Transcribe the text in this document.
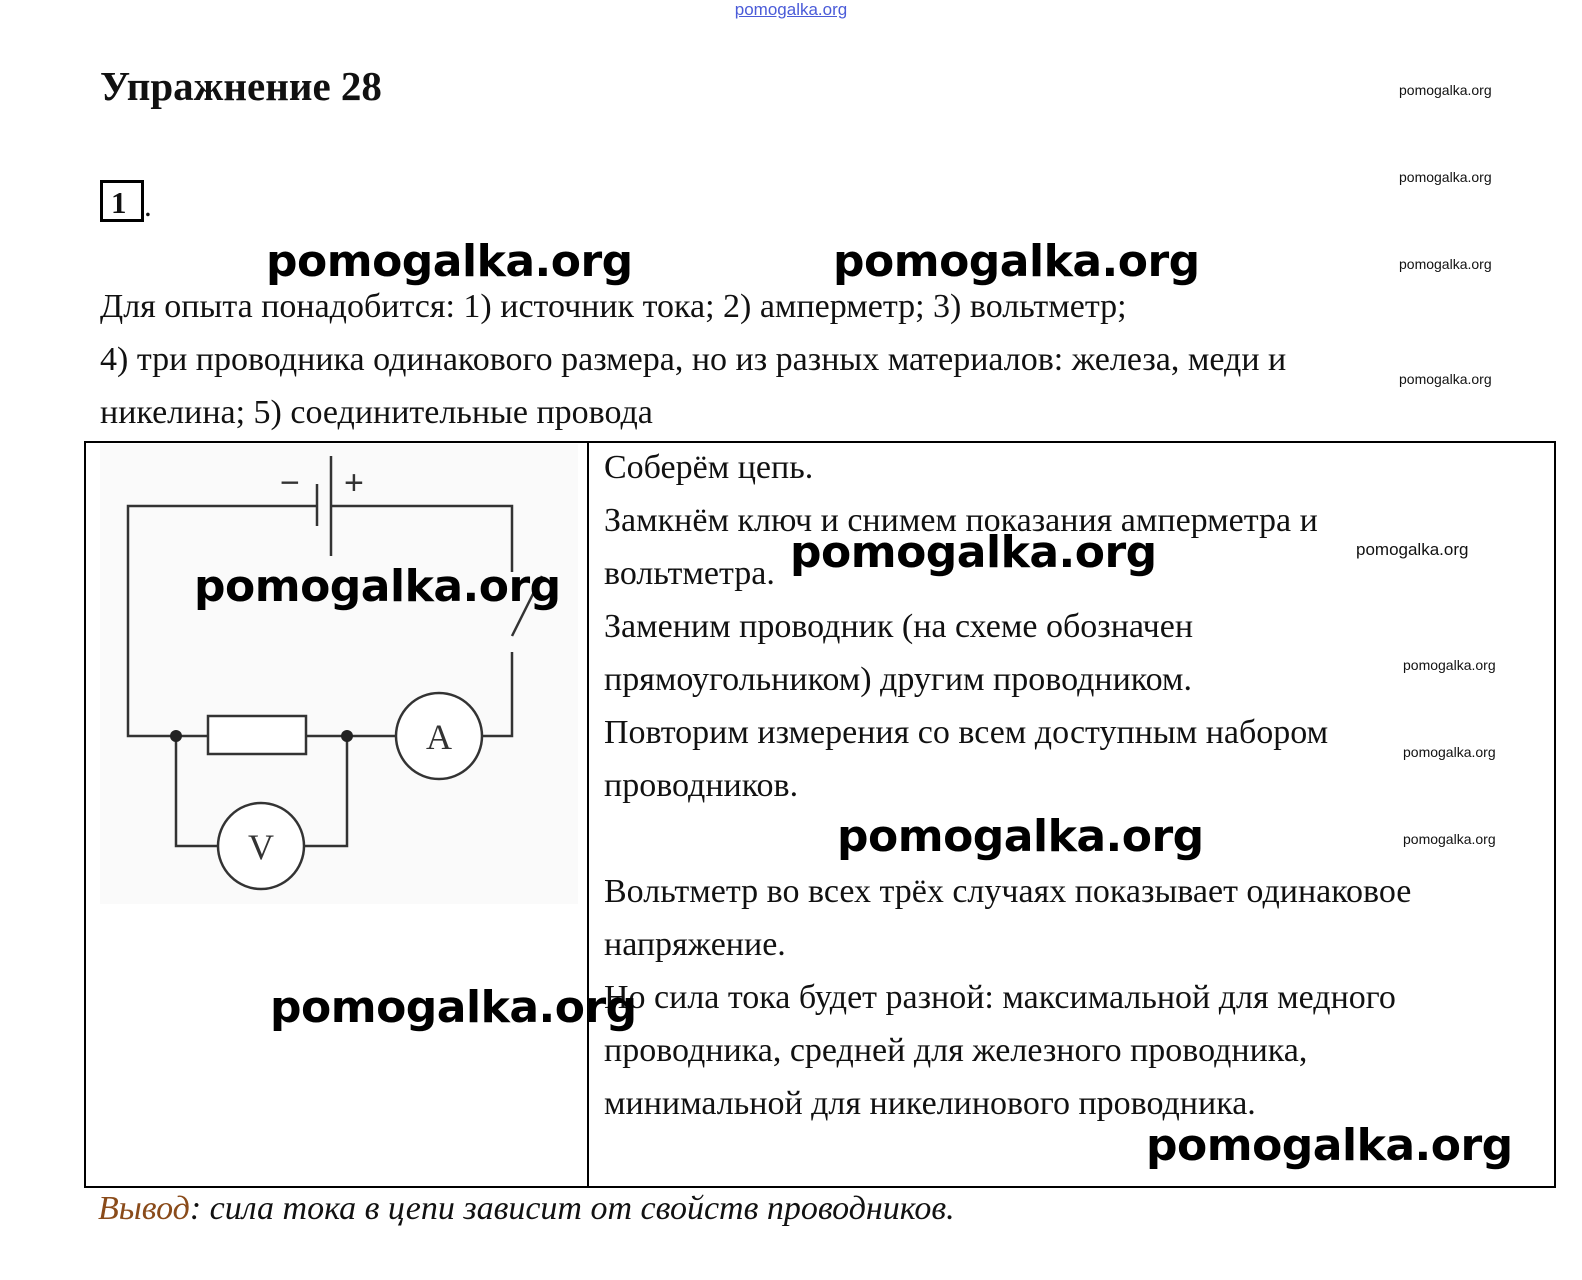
pomogalka.org
Упражнение 28
1 .
pomogalka.org
pomogalka.org
pomogalka.org

Для опыта понадобится: 1) источник тока; 2) амперметр; 3) вольтметр;

4) три проводника одинакового размера, но из разных материалов: железа, меди и

никелина; 5) соединительные провода

pomogalka.org
− +
A
V

Соберём цепь.

Замкнём ключ и снимем показания амперметра и

вольтметра.

Заменим проводник (на схеме обозначен

прямоугольником) другим проводником.

Повторим измерения со всем доступным набором

проводников.

Вольтметр во всех трёх случаях показывает одинаковое

напряжение.

Но сила тока будет разной: максимальной для медного

проводника, средней для железного проводника,

минимальной для никелинового проводника.

pomogalka.org
pomogalka.org
pomogalka.org
pomogalka.org
pomogalka.org	pomogalka.org
pomogalka.org
pomogalka.org
pomogalka.org
pomogalka.org
pomogalka.org
Вывод: сила тока в цепи зависит от свойств проводников.
